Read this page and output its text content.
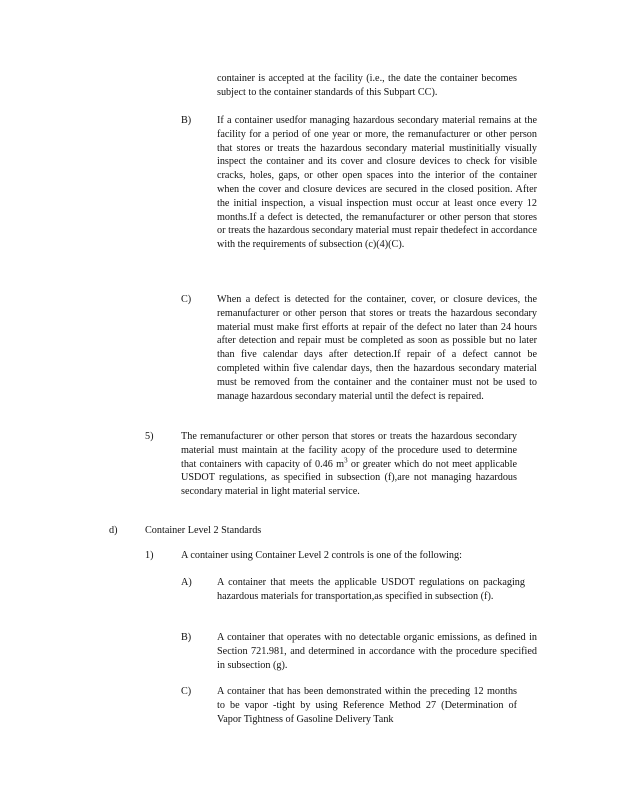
container is accepted at the facility (i.e., the date the container becomes subject to the container standards of this Subpart CC).
B)	If a container usedfor managing hazardous secondary material remains at the facility for a period of one year or more, the remanufacturer or other person that stores or treats the hazardous secondary material mustinitially visually inspect the container and its cover and closure devices to check for visible cracks, holes, gaps, or other open spaces into the interior of the container when the cover and closure devices are secured in the closed position. After the initial inspection, a visual inspection must occur at least once every 12 months.If a defect is detected, the remanufacturer or other person that stores or treats the hazardous secondary material must repair thedefect in accordance with the requirements of subsection (c)(4)(C).
C)	When a defect is detected for the container, cover, or closure devices, the remanufacturer or other person that stores or treats the hazardous secondary material must make first efforts at repair of the defect no later than 24 hours after detection and repair must be completed as soon as possible but no later than five calendar days after detection.If repair of a defect cannot be completed within five calendar days, then the hazardous secondary material must be removed from the container and the container must not be used to manage hazardous secondary material until the defect is repaired.
5)	The remanufacturer or other person that stores or treats the hazardous secondary material must maintain at the facility acopy of the procedure used to determine that containers with capacity of 0.46 $m^3$ or greater which do not meet applicable USDOT regulations, as specified in subsection (f),are not managing hazardous secondary material in light material service.
d)	Container Level 2 Standards
1)	A container using Container Level 2 controls is one of the following:
A) A container that meets the applicable USDOT regulations on packaging hazardous materials for transportation,as specified in subsection (f).
B)	A container that operates with no detectable organic emissions, as defined in Section 721.981, and determined in accordance with the procedure specified in subsection (g).
C)	A container that has been demonstrated within the preceding 12 months to be vapor -tight by using Reference Method 27 (Determination of Vapor Tightness of Gasoline Delivery Tank
